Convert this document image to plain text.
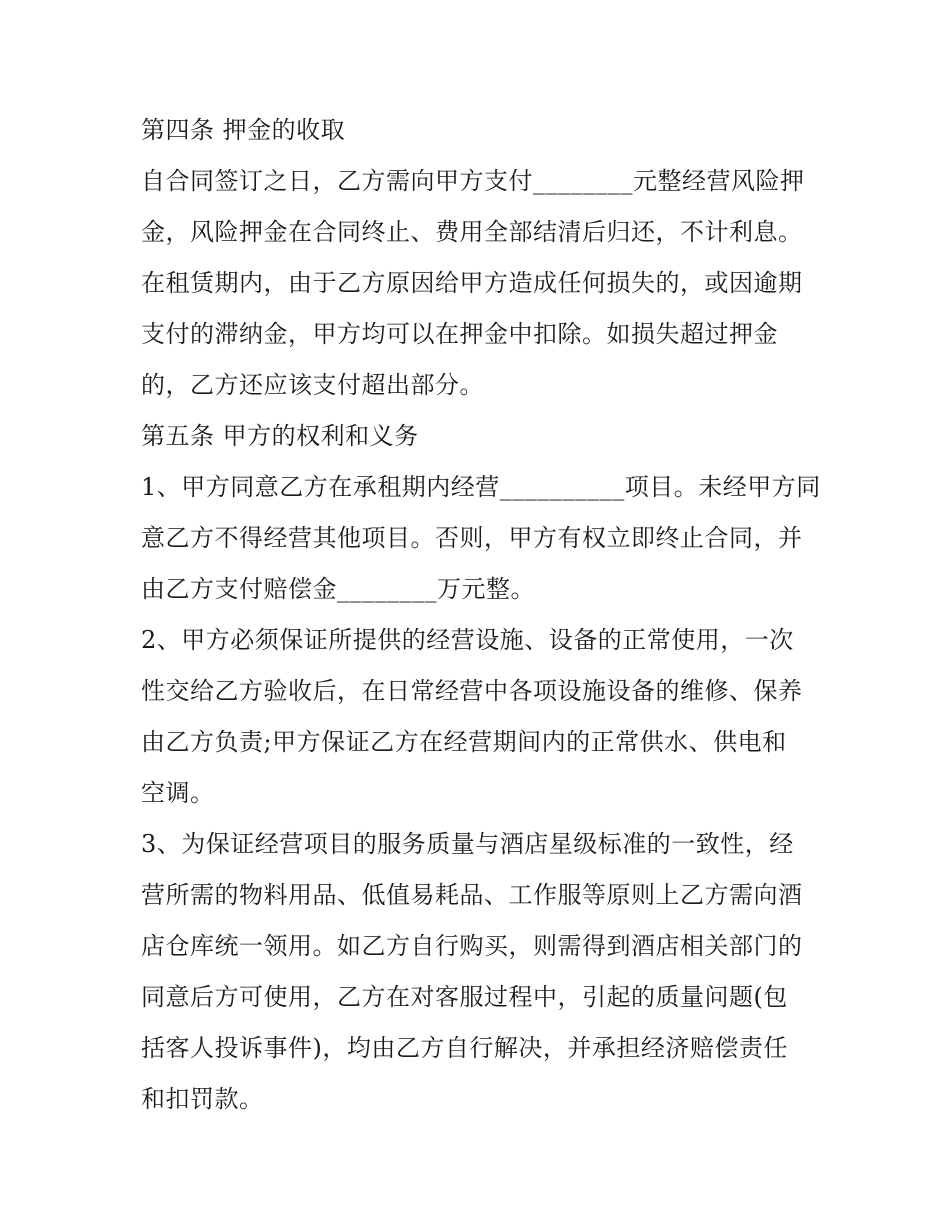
第四条 押金的收取
自合同签订之日，乙方需向甲方支付________元整经营风险押
金，风险押金在合同终止、费用全部结清后归还，不计利息。
在租赁期内，由于乙方原因给甲方造成任何损失的，或因逾期
支付的滞纳金，甲方均可以在押金中扣除。如损失超过押金
的，乙方还应该支付超出部分。
第五条 甲方的权利和义务
1、甲方同意乙方在承租期内经营__________项目。未经甲方同
意乙方不得经营其他项目。否则，甲方有权立即终止合同，并
由乙方支付赔偿金________万元整。
2、甲方必须保证所提供的经营设施、设备的正常使用，一次
性交给乙方验收后，在日常经营中各项设施设备的维修、保养
由乙方负责;甲方保证乙方在经营期间内的正常供水、供电和
空调。
3、为保证经营项目的服务质量与酒店星级标准的一致性，经
营所需的物料用品、低值易耗品、工作服等原则上乙方需向酒
店仓库统一领用。如乙方自行购买，则需得到酒店相关部门的
同意后方可使用，乙方在对客服过程中，引起的质量问题(包
括客人投诉事件)，均由乙方自行解决，并承担经济赔偿责任
和扣罚款。
